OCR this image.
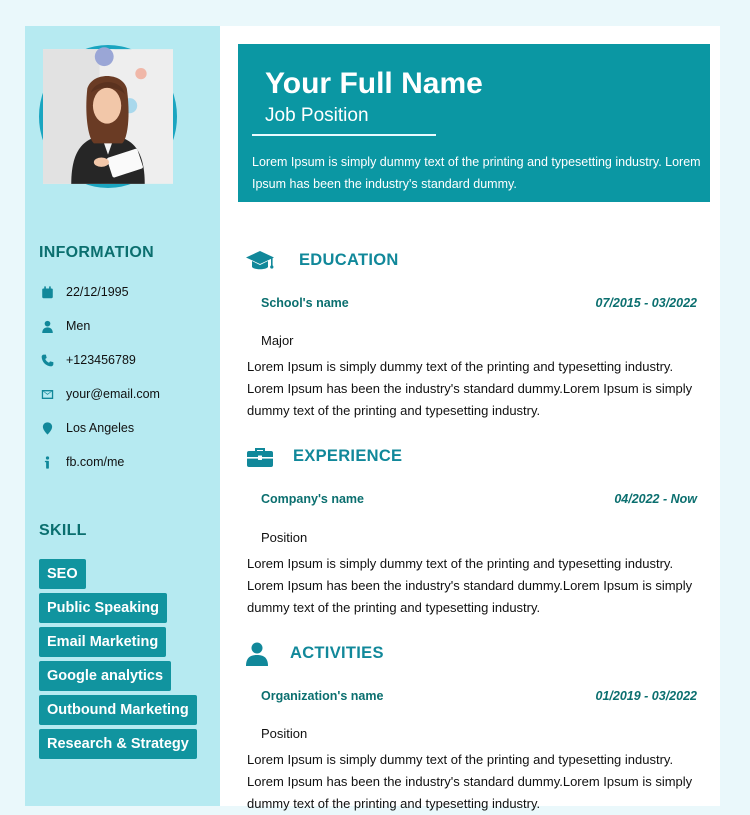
INFORMATION
22/12/1995
Men
+123456789
your@email.com
Los Angeles
fb.com/me
SKILL
SEO
Public Speaking
Email Marketing
Google analytics
Outbound Marketing
Research & Strategy
Your Full Name
Job Position
Lorem Ipsum is simply dummy text of the printing and typesetting industry. Lorem Ipsum has been the industry's standard dummy.
EDUCATION
School's name	07/2015 - 03/2022
Major
Lorem Ipsum is simply dummy text of the printing and typesetting industry. Lorem Ipsum has been the industry's standard dummy.Lorem Ipsum is simply dummy text of the printing and typesetting industry.
EXPERIENCE
Company's name	04/2022 - Now
Position
Lorem Ipsum is simply dummy text of the printing and typesetting industry. Lorem Ipsum has been the industry's standard dummy.Lorem Ipsum is simply dummy text of the printing and typesetting industry.
ACTIVITIES
Organization's name	01/2019 - 03/2022
Position
Lorem Ipsum is simply dummy text of the printing and typesetting industry. Lorem Ipsum has been the industry's standard dummy.Lorem Ipsum is simply dummy text of the printing and typesetting industry.
